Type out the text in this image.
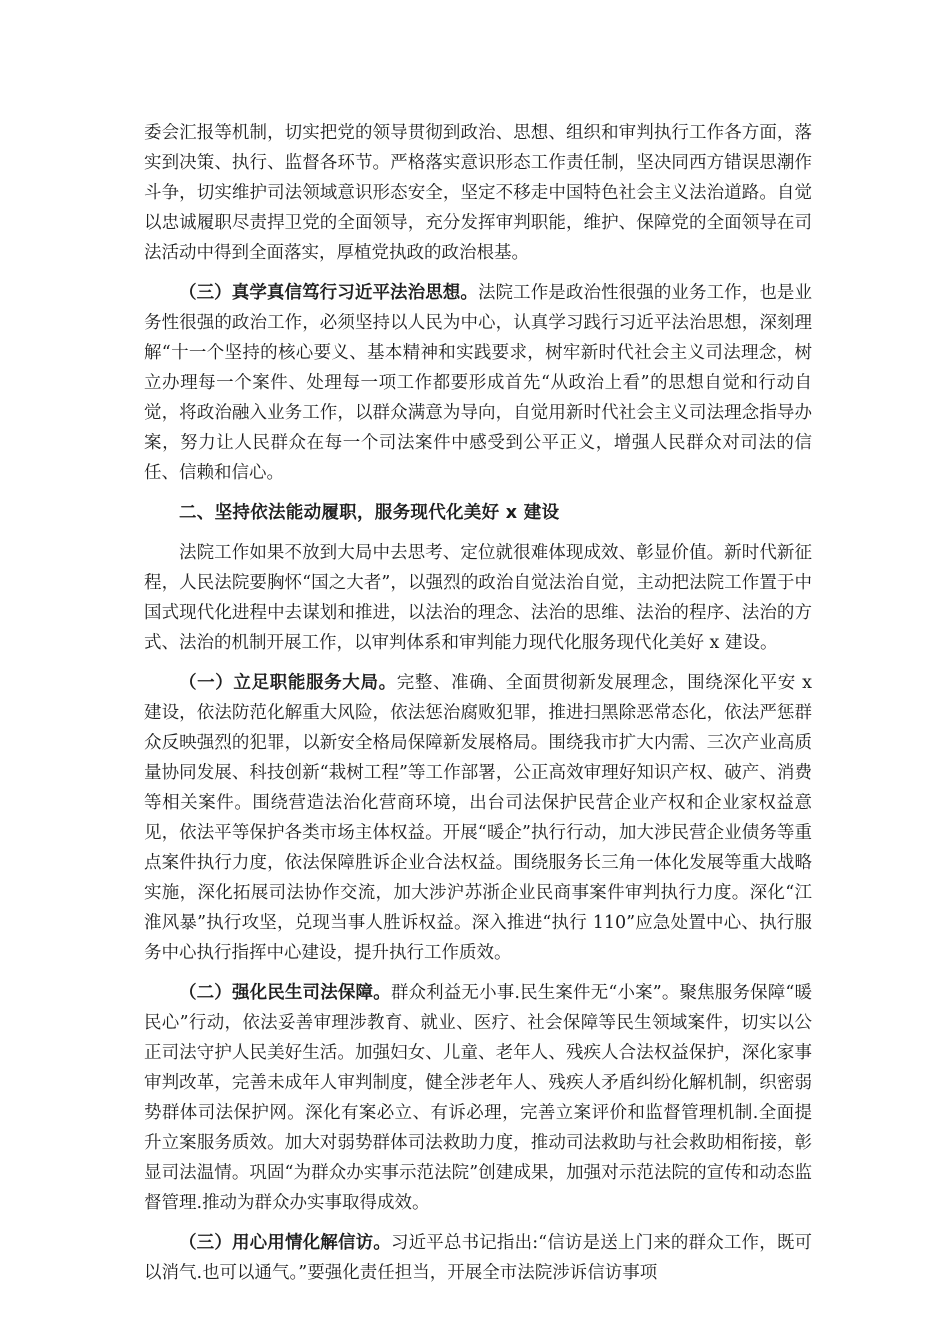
委会汇报等机制，切实把党的领导贯彻到政治、思想、组织和审判执行工作各方面，落实到决策、执行、监督各环节。严格落实意识形态工作责任制，坚决同西方错误思潮作斗争，切实维护司法领域意识形态安全，坚定不移走中国特色社会主义法治道路。自觉以忠诚履职尽责捍卫党的全面领导，充分发挥审判职能，维护、保障党的全面领导在司法活动中得到全面落实，厚植党执政的政治根基。

（三）真学真信笃行习近平法治思想。法院工作是政治性很强的业务工作，也是业务性很强的政治工作，必须坚持以人民为中心，认真学习践行习近平法治思想，深刻理解“十一个坚持的核心要义、基本精神和实践要求，树牢新时代社会主义司法理念，树立办理每一个案件、处理每一项工作都要形成首先“从政治上看”的思想自觉和行动自觉，将政治融入业务工作，以群众满意为导向，自觉用新时代社会主义司法理念指导办案，努力让人民群众在每一个司法案件中感受到公平正义，增强人民群众对司法的信任、信赖和信心。

二、坚持依法能动履职，服务现代化美好 x 建设

法院工作如果不放到大局中去思考、定位就很难体现成效、彰显价值。新时代新征程，人民法院要胸怀“国之大者”，以强烈的政治自觉法治自觉，主动把法院工作置于中国式现代化进程中去谋划和推进，以法治的理念、法治的思维、法治的程序、法治的方式、法治的机制开展工作，以审判体系和审判能力现代化服务现代化美好 x 建设。

（一）立足职能服务大局。完整、准确、全面贯彻新发展理念，围绕深化平安 x 建设，依法防范化解重大风险，依法惩治腐败犯罪，推进扫黑除恶常态化，依法严惩群众反映强烈的犯罪，以新安全格局保障新发展格局。围绕我市扩大内需、三次产业高质量协同发展、科技创新“栽树工程”等工作部署，公正高效审理好知识产权、破产、消费等相关案件。围绕营造法治化营商环境，出台司法保护民营企业产权和企业家权益意见，依法平等保护各类市场主体权益。开展“暖企”执行行动，加大涉民营企业债务等重点案件执行力度，依法保障胜诉企业合法权益。围绕服务长三角一体化发展等重大战略实施，深化拓展司法协作交流，加大涉沪苏浙企业民商事案件审判执行力度。深化“江淮风暴”执行攻坚，兑现当事人胜诉权益。深入推进“执行 110”应急处置中心、执行服务中心执行指挥中心建设，提升执行工作质效。

（二）强化民生司法保障。群众利益无小事.民生案件无“小案”。聚焦服务保障“暖民心”行动，依法妥善审理涉教育、就业、医疗、社会保障等民生领域案件，切实以公正司法守护人民美好生活。加强妇女、儿童、老年人、残疾人合法权益保护，深化家事审判改革，完善未成年人审判制度，健全涉老年人、残疾人矛盾纠纷化解机制，织密弱势群体司法保护网。深化有案必立、有诉必理，完善立案评价和监督管理机制.全面提升立案服务质效。加大对弱势群体司法救助力度，推动司法救助与社会救助相衔接，彰显司法温情。巩固“为群众办实事示范法院”创建成果，加强对示范法院的宣传和动态监督管理.推动为群众办实事取得成效。

（三）用心用情化解信访。习近平总书记指出:“信访是送上门来的群众工作，既可以消气.也可以通气。”要强化责任担当，开展全市法院涉诉信访事项
